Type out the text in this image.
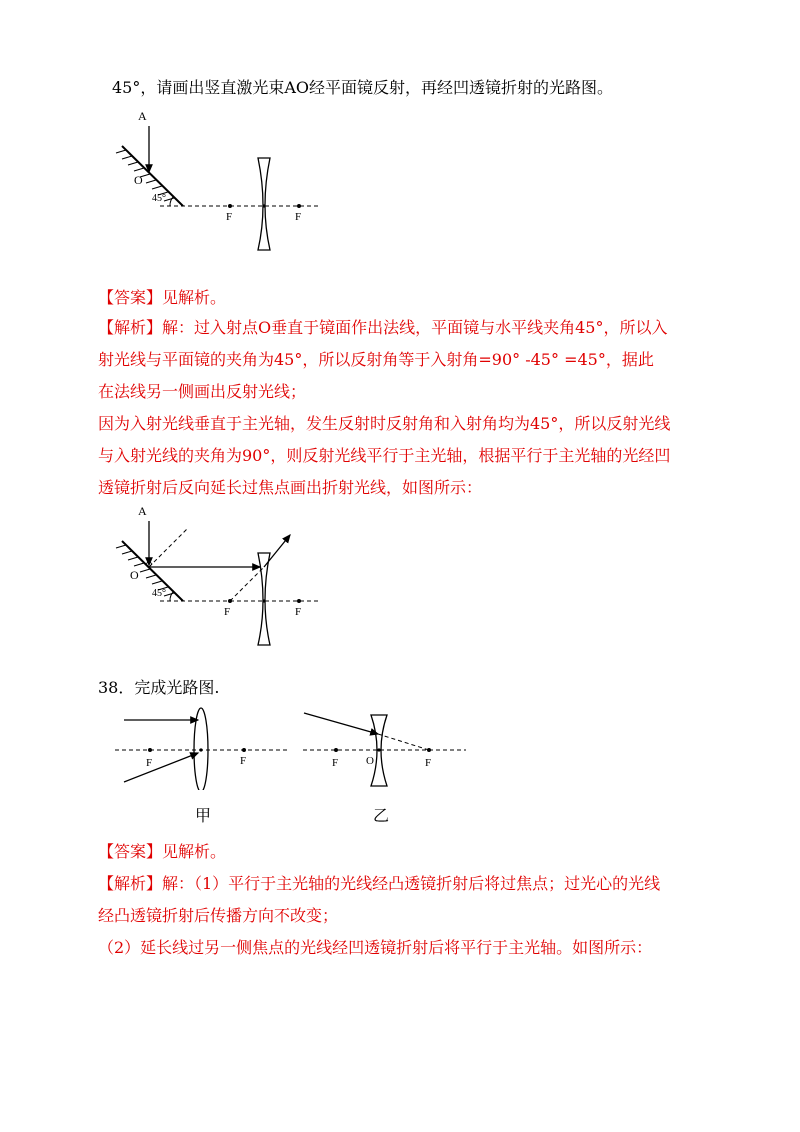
45°，请画出竖直激光束AO经平面镜反射，再经凹透镜折射的光路图。
A
O
45°
F	F
【答案】见解析。
【解析】解：过入射点O垂直于镜面作出法线，平面镜与水平线夹角45°，所以入
射光线与平面镜的夹角为45°，所以反射角等于入射角=90° -45° =45°，据此
在法线另一侧画出反射光线；
因为入射光线垂直于主光轴，发生反射时反射角和入射角均为45°，所以反射光线
与入射光线的夹角为90°，则反射光线平行于主光轴，根据平行于主光轴的光经凹
透镜折射后反向延长过焦点画出折射光线，如图所示：
A
O
45°
F	F
38．完成光路图.
F	F
甲
F	O	F
乙
【答案】见解析。
【解析】解：（1）平行于主光轴的光线经凸透镜折射后将过焦点；过光心的光线
经凸透镜折射后传播方向不改变；
（2）延长线过另一侧焦点的光线经凹透镜折射后将平行于主光轴。如图所示：
